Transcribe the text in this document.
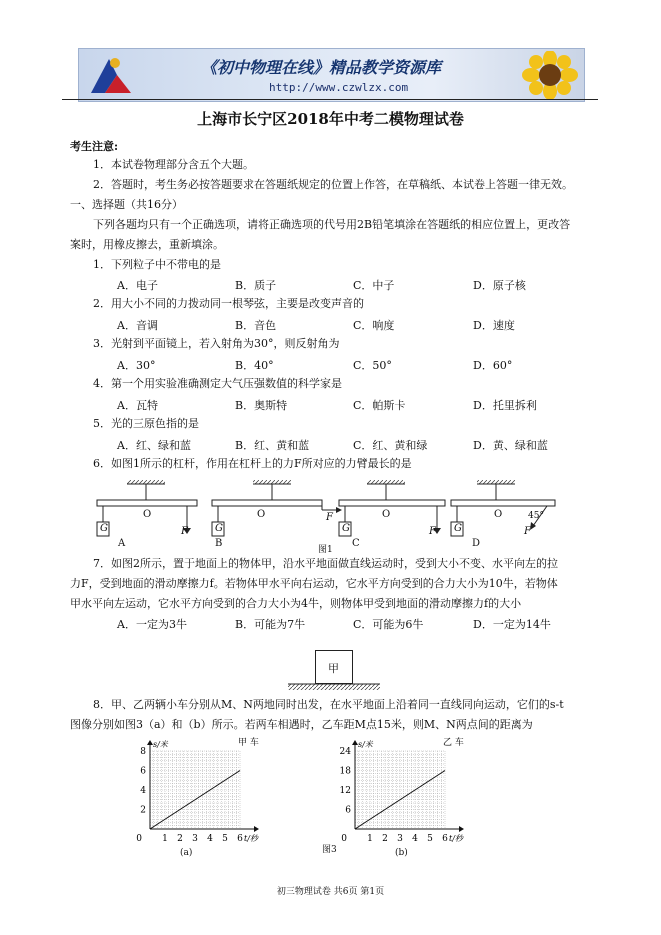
《初中物理在线》精品教学资源库
http://www.czwlzx.com
上海市长宁区2018年中考二模物理试卷
考生注意:
1．本试卷物理部分含五个大题。
2．答题时，考生务必按答题要求在答题纸规定的位置上作答，在草稿纸、本试卷上答题一律无效。
一、选择题（共16分）
下列各题均只有一个正确选项，请将正确选项的代号用2B铅笔填涂在答题纸的相应位置上，更改答
案时，用橡皮擦去，重新填涂。
1．下列粒子中不带电的是
A．电子	B．质子	C．中子	D．原子核
2．用大小不同的力拨动同一根琴弦，主要是改变声音的
A．音调	B．音色	C．响度	D．速度
3．光射到平面镜上，若入射角为30°，则反射角为
A．30°	B．40°	C．50°	D．60°
4．第一个用实验准确测定大气压强数值的科学家是
A．瓦特	B．奥斯特	C．帕斯卡	D．托里拆利
5．光的三原色指的是
A．红、绿和蓝	B．红、黄和蓝	C．红、黄和绿	D．黄、绿和蓝
6．如图1所示的杠杆，作用在杠杆上的力F所对应的力臂最长的是
G	G	G	G
O	O	O	O
F
F
F	F
45°
A	B	C	D
图1
7．如图2所示，置于地面上的物体甲，沿水平地面做直线运动时，受到大小不变、水平向左的拉
力F，受到地面的滑动摩擦力f。若物体甲水平向右运动，它水平方向受到的合力大小为10牛，若物体
甲水平向左运动，它水平方向受到的合力大小为4牛，则物体甲受到地面的滑动摩擦力f的大小
A．一定为3牛	B．可能为7牛	C．可能为6牛	D．一定为14牛
甲
8．甲、乙两辆小车分别从M、N两地同时出发，在水平地面上沿着同一直线同向运动，它们的s-t
图像分别如图3（a）和（b）所示。若两车相遇时，乙车距M点15米，则M、N两点间的距离为
1 2 3 4 5 6
0
2
4
6
8
s/米	甲 车
t/秒	1 2 3 4 5 6
0
6
12
18
24
s/米	乙 车
t/秒
(a)	(b)
图3
初三物理试卷 共6页 第1页
